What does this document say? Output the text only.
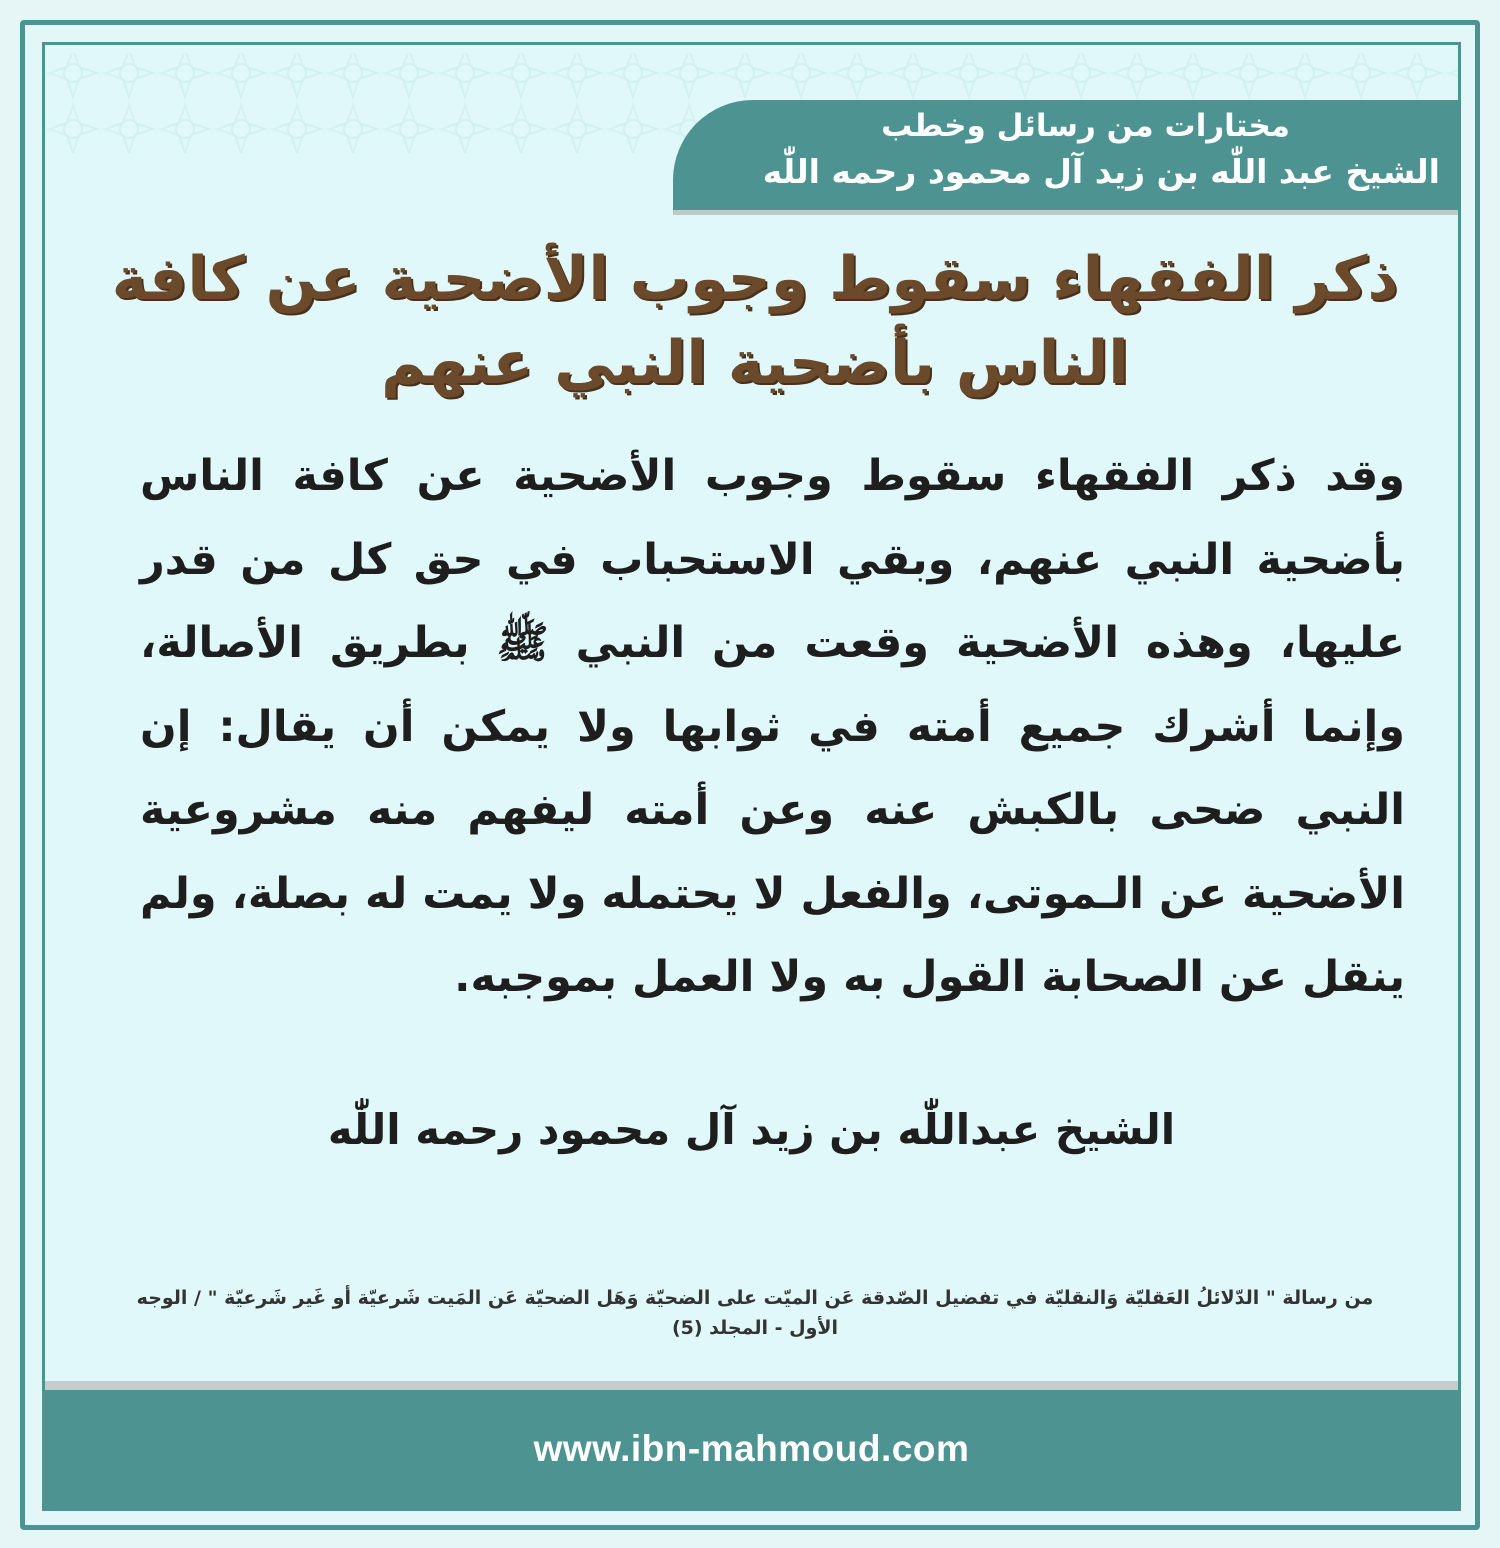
مختارات من رسائل وخطب
الشيخ عبد اللّٰه بن زيد آل محمود رحمه اللّٰه
ذكر الفقهاء سقوط وجوب الأضحية عن كافة الناس بأضحية النبي عنهم
وقد ذكر الفقهاء سقوط وجوب الأضحية عن كافة الناس بأضحية النبي عنهم، وبقي الاستحباب في حق كل من قدر عليها، وهذه الأضحية وقعت من النبي ﷺ بطريق الأصالة، وإنما أشرك جميع أمته في ثوابها ولا يمكن أن يقال: إن النبي ضحى بالكبش عنه وعن أمته ليفهم منه مشروعية الأضحية عن الـموتى، والفعل لا يحتمله ولا يمت له بصلة، ولم ينقل عن الصحابة القول به ولا العمل بموجبه.
الشيخ عبداللّٰه بن زيد آل محمود رحمه اللّٰه
من رسالة " الدّلائلُ العَقليّة وَالنقليّة في تفضيل الصّدقة عَن الميّت على الضحيّة وَهَل الضحيّة عَن المَيت شَرعيّة أو غَير شَرعيّة " / الوجه الأول - المجلد (5)
www.ibn-mahmoud.com
